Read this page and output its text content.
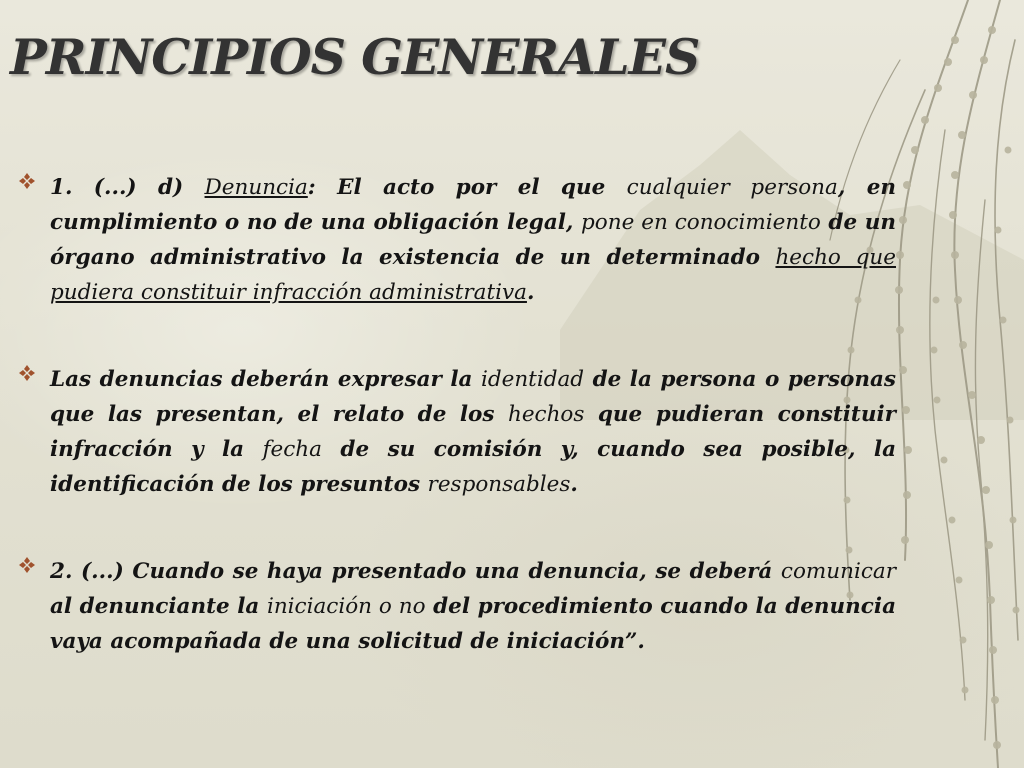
PRINCIPIOS GENERALES
1. (...) d) Denuncia: El acto por el que cualquier persona, en cumplimiento o no de una obligación legal, pone en conocimiento de un órgano administrativo la existencia de un determinado hecho que pudiera constituir infracción administrativa.
Las denuncias deberán expresar la identidad de la persona o personas que las presentan, el relato de los hechos que pudieran constituir infracción y la fecha de su comisión y, cuando sea posible, la identificación de los presuntos responsables.
2. (...) Cuando se haya presentado una denuncia, se deberá comunicar al denunciante la iniciación o no del procedimiento cuando la denuncia vaya acompañada de una solicitud de iniciación”.
